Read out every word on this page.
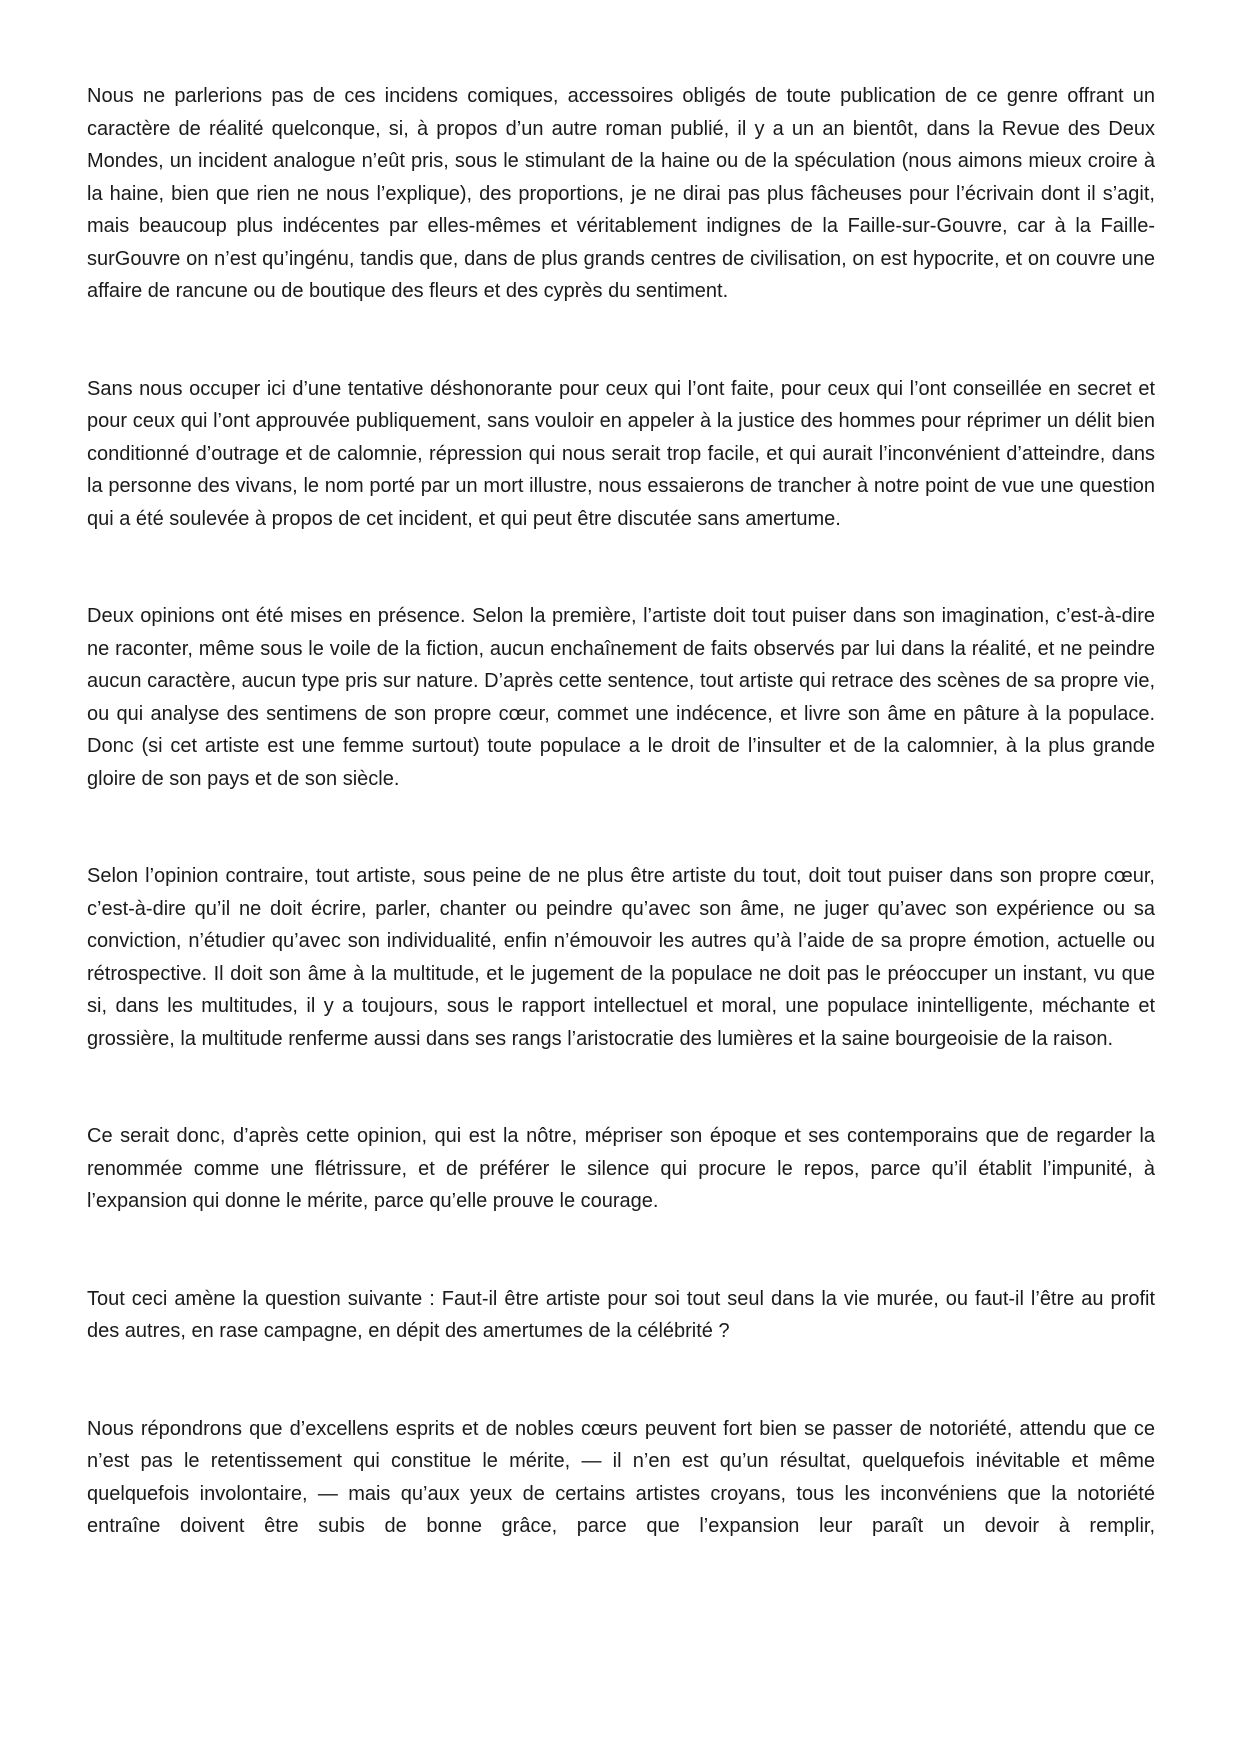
Nous ne parlerions pas de ces incidens comiques, accessoires obligés de toute publication de ce genre offrant un caractère de réalité quelconque, si, à propos d’un autre roman publié, il y a un an bientôt, dans la Revue des Deux Mondes, un incident analogue n’eût pris, sous le stimulant de la haine ou de la spéculation (nous aimons mieux croire à la haine, bien que rien ne nous l’explique), des proportions, je ne dirai pas plus fâcheuses pour l’écrivain dont il s’agit, mais beaucoup plus indécentes par elles-mêmes et véritablement indignes de la Faille-sur-Gouvre, car à la Faille-surGouvre on n’est qu’ingénu, tandis que, dans de plus grands centres de civilisation, on est hypocrite, et on couvre une affaire de rancune ou de boutique des fleurs et des cyprès du sentiment.

Sans nous occuper ici d’une tentative déshonorante pour ceux qui l’ont faite, pour ceux qui l’ont conseillée en secret et pour ceux qui l’ont approuvée publiquement, sans vouloir en appeler à la justice des hommes pour réprimer un délit bien conditionné d’outrage et de calomnie, répression qui nous serait trop facile, et qui aurait l’inconvénient d’atteindre, dans la personne des vivans, le nom porté par un mort illustre, nous essaierons de trancher à notre point de vue une question qui a été soulevée à propos de cet incident, et qui peut être discutée sans amertume.

Deux opinions ont été mises en présence. Selon la première, l’artiste doit tout puiser dans son imagination, c’est-à-dire ne raconter, même sous le voile de la fiction, aucun enchaînement de faits observés par lui dans la réalité, et ne peindre aucun caractère, aucun type pris sur nature. D’après cette sentence, tout artiste qui retrace des scènes de sa propre vie, ou qui analyse des sentimens de son propre cœur, commet une indécence, et livre son âme en pâture à la populace. Donc (si cet artiste est une femme surtout) toute populace a le droit de l’insulter et de la calomnier, à la plus grande gloire de son pays et de son siècle.

Selon l’opinion contraire, tout artiste, sous peine de ne plus être artiste du tout, doit tout puiser dans son propre cœur, c’est-à-dire qu’il ne doit écrire, parler, chanter ou peindre qu’avec son âme, ne juger qu’avec son expérience ou sa conviction, n’étudier qu’avec son individualité, enfin n’émouvoir les autres qu’à l’aide de sa propre émotion, actuelle ou rétrospective. Il doit son âme à la multitude, et le jugement de la populace ne doit pas le préoccuper un instant, vu que si, dans les multitudes, il y a toujours, sous le rapport intellectuel et moral, une populace inintelligente, méchante et grossière, la multitude renferme aussi dans ses rangs l’aristocratie des lumières et la saine bourgeoisie de la raison.

Ce serait donc, d’après cette opinion, qui est la nôtre, mépriser son époque et ses contemporains que de regarder la renommée comme une flétrissure, et de préférer le silence qui procure le repos, parce qu’il établit l’impunité, à l’expansion qui donne le mérite, parce qu’elle prouve le courage.

Tout ceci amène la question suivante : Faut-il être artiste pour soi tout seul dans la vie murée, ou faut-il l’être au profit des autres, en rase campagne, en dépit des amertumes de la célébrité ?

Nous répondrons que d’excellens esprits et de nobles cœurs peuvent fort bien se passer de notoriété, attendu que ce n’est pas le retentissement qui constitue le mérite, — il n’en est qu’un résultat, quelquefois inévitable et même quelquefois involontaire, — mais qu’aux yeux de certains artistes croyans, tous les inconvéniens que la notoriété entraîne doivent être subis de bonne grâce, parce que l’expansion leur paraît un devoir à remplir,
